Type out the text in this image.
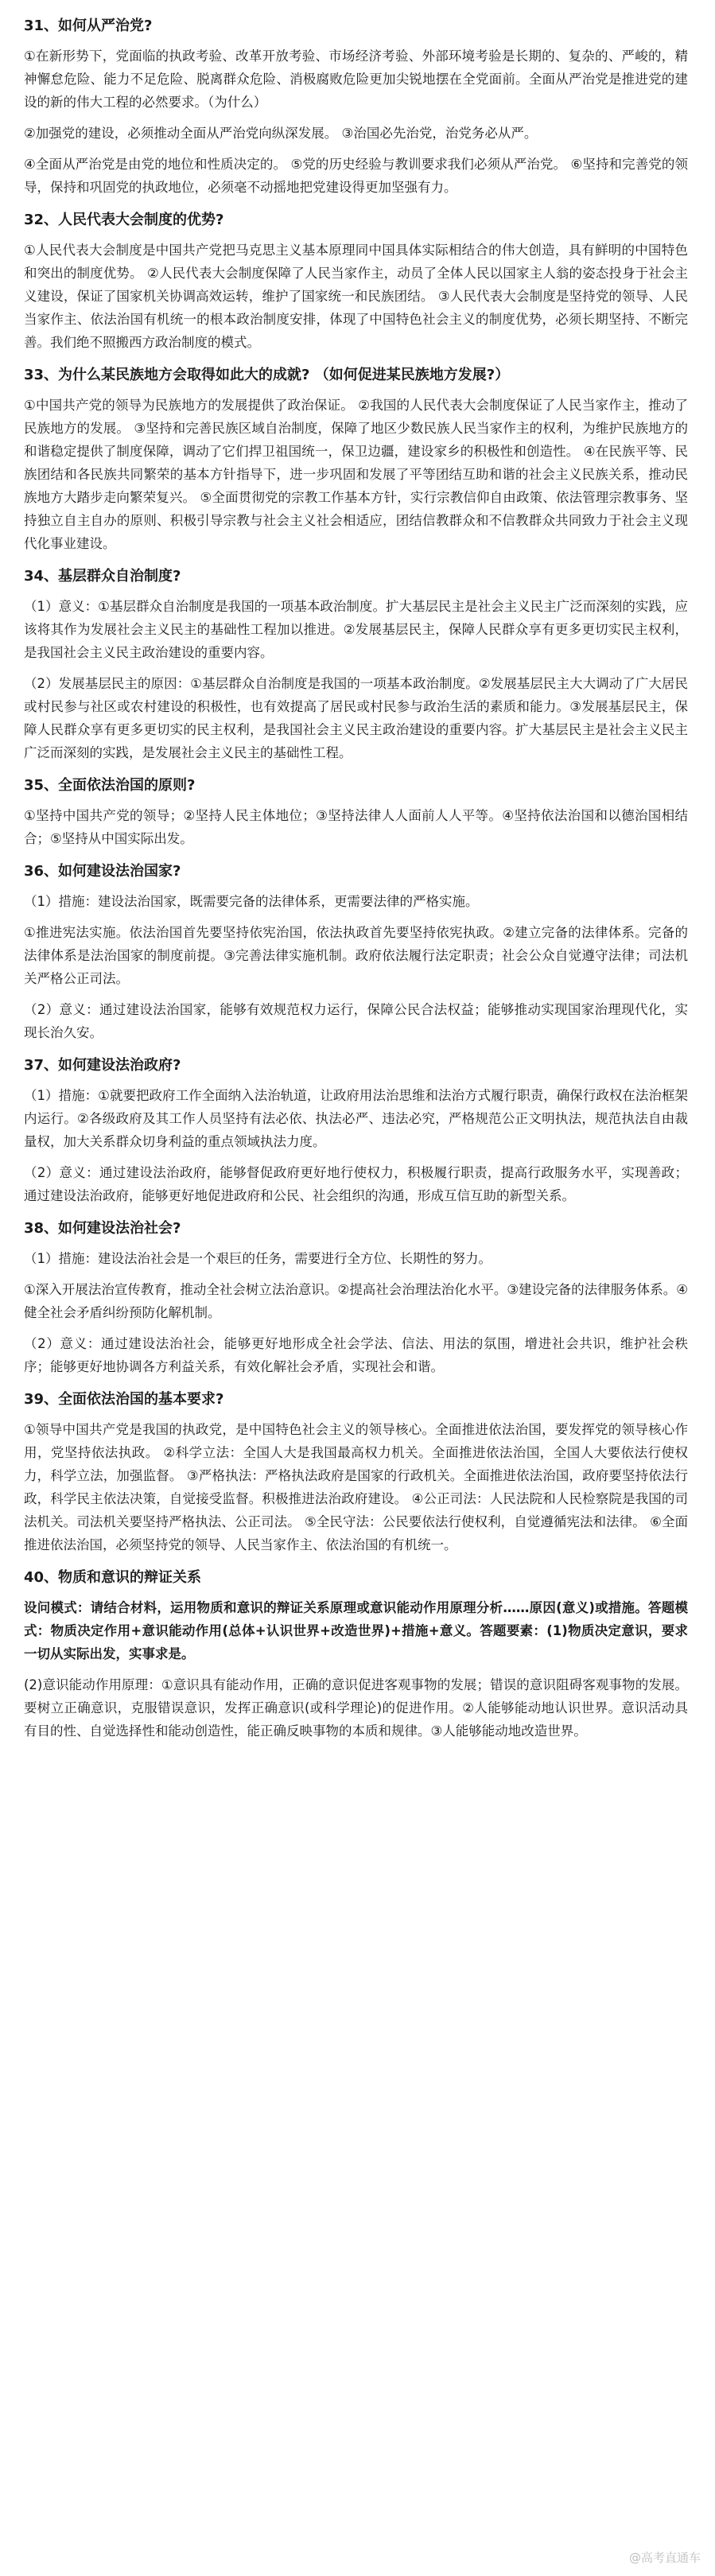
31、如何从严治党?
①在新形势下，党面临的执政考验、改革开放考验、市场经济考验、外部环境考验是长期的、复杂的、严峻的，精神懈怠危险、能力不足危险、脱离群众危险、消极腐败危险更加尖锐地摆在全党面前。全面从严治党是推进党的建设的新的伟大工程的必然要求。（为什么）
②加强党的建设，必须推动全面从严治党向纵深发展。 ③治国必先治党，治党务必从严。
④全面从严治党是由党的地位和性质决定的。 ⑤党的历史经验与教训要求我们必须从严治党。 ⑥坚持和完善党的领导，保持和巩固党的执政地位，必须毫不动摇地把党建设得更加坚强有力。
32、人民代表大会制度的优势?
①人民代表大会制度是中国共产党把马克思主义基本原理同中国具体实际相结合的伟大创造，具有鲜明的中国特色和突出的制度优势。 ②人民代表大会制度保障了人民当家作主，动员了全体人民以国家主人翁的姿态投身于社会主义建设，保证了国家机关协调高效运转，维护了国家统一和民族团结。 ③人民代表大会制度是坚持党的领导、人民当家作主、依法治国有机统一的根本政治制度安排，体现了中国特色社会主义的制度优势，必须长期坚持、不断完善。我们绝不照搬西方政治制度的模式。
33、为什么某民族地方会取得如此大的成就? （如何促进某民族地方发展?）
①中国共产党的领导为民族地方的发展提供了政治保证。 ②我国的人民代表大会制度保证了人民当家作主，推动了民族地方的发展。 ③坚持和完善民族区域自治制度，保障了地区少数民族人民当家作主的权利，为维护民族地方的和谐稳定提供了制度保障，调动了它们捍卫祖国统一，保卫边疆，建设家乡的积极性和创造性。 ④在民族平等、民族团结和各民族共同繁荣的基本方针指导下，进一步巩固和发展了平等团结互助和谐的社会主义民族关系，推动民族地方大踏步走向繁荣复兴。 ⑤全面贯彻党的宗教工作基本方针，实行宗教信仰自由政策、依法管理宗教事务、坚持独立自主自办的原则、积极引导宗教与社会主义社会相适应，团结信教群众和不信教群众共同致力于社会主义现代化事业建设。
34、基层群众自治制度?
（1）意义：①基层群众自治制度是我国的一项基本政治制度。扩大基层民主是社会主义民主广泛而深刻的实践，应该将其作为发展社会主义民主的基础性工程加以推进。②发展基层民主，保障人民群众享有更多更切实民主权利，是我国社会主义民主政治建设的重要内容。
（2）发展基层民主的原因：①基层群众自治制度是我国的一项基本政治制度。②发展基层民主大大调动了广大居民或村民参与社区或农村建设的积极性，也有效提高了居民或村民参与政治生活的素质和能力。③发展基层民主，保障人民群众享有更多更切实的民主权利，是我国社会主义民主政治建设的重要内容。扩大基层民主是社会主义民主广泛而深刻的实践，是发展社会主义民主的基础性工程。
35、全面依法治国的原则?
①坚持中国共产党的领导；②坚持人民主体地位；③坚持法律人人面前人人平等。④坚持依法治国和以德治国相结合；⑤坚持从中国实际出发。
36、如何建设法治国家?
（1）措施：建设法治国家，既需要完备的法律体系，更需要法律的严格实施。
①推进宪法实施。依法治国首先要坚持依宪治国，依法执政首先要坚持依宪执政。②建立完备的法律体系。完备的法律体系是法治国家的制度前提。③完善法律实施机制。政府依法履行法定职责；社会公众自觉遵守法律；司法机关严格公正司法。
（2）意义：通过建设法治国家，能够有效规范权力运行，保障公民合法权益；能够推动实现国家治理现代化，实现长治久安。
37、如何建设法治政府?
（1）措施：①就要把政府工作全面纳入法治轨道，让政府用法治思维和法治方式履行职责，确保行政权在法治框架内运行。②各级政府及其工作人员坚持有法必依、执法必严、违法必究，严格规范公正文明执法，规范执法自由裁量权，加大关系群众切身利益的重点领域执法力度。
（2）意义：通过建设法治政府，能够督促政府更好地行使权力，积极履行职责，提高行政服务水平，实现善政；通过建设法治政府，能够更好地促进政府和公民、社会组织的沟通，形成互信互助的新型关系。
38、如何建设法治社会?
（1）措施：建设法治社会是一个艰巨的任务，需要进行全方位、长期性的努力。
①深入开展法治宣传教育，推动全社会树立法治意识。②提高社会治理法治化水平。③建设完备的法律服务体系。④健全社会矛盾纠纷预防化解机制。
（2）意义：通过建设法治社会，能够更好地形成全社会学法、信法、用法的氛围，增进社会共识，维护社会秩序；能够更好地协调各方利益关系，有效化解社会矛盾，实现社会和谐。
39、全面依法治国的基本要求?
①领导中国共产党是我国的执政党，是中国特色社会主义的领导核心。全面推进依法治国，要发挥党的领导核心作用，党坚持依法执政。 ②科学立法：全国人大是我国最高权力机关。全面推进依法治国，全国人大要依法行使权力，科学立法，加强监督。 ③严格执法：严格执法政府是国家的行政机关。全面推进依法治国，政府要坚持依法行政，科学民主依法决策，自觉接受监督。积极推进法治政府建设。 ④公正司法：人民法院和人民检察院是我国的司法机关。司法机关要坚持严格执法、公正司法。 ⑤全民守法：公民要依法行使权利，自觉遵循宪法和法律。 ⑥全面推进依法治国，必须坚持党的领导、人民当家作主、依法治国的有机统一。
40、物质和意识的辩证关系
设问模式：请结合材料，运用物质和意识的辩证关系原理或意识能动作用原理分析……原因(意义)或措施。答题模式：物质决定作用+意识能动作用(总体+认识世界+改造世界)+措施+意义。答题要素：(1)物质决定意识，要求一切从实际出发，实事求是。
(2)意识能动作用原理：①意识具有能动作用，正确的意识促进客观事物的发展；错误的意识阻碍客观事物的发展。要树立正确意识，克服错误意识，发挥正确意识(或科学理论)的促进作用。②人能够能动地认识世界。意识活动具有目的性、自觉选择性和能动创造性，能正确反映事物的本质和规律。③人能够能动地改造世界。
@高考直通车
